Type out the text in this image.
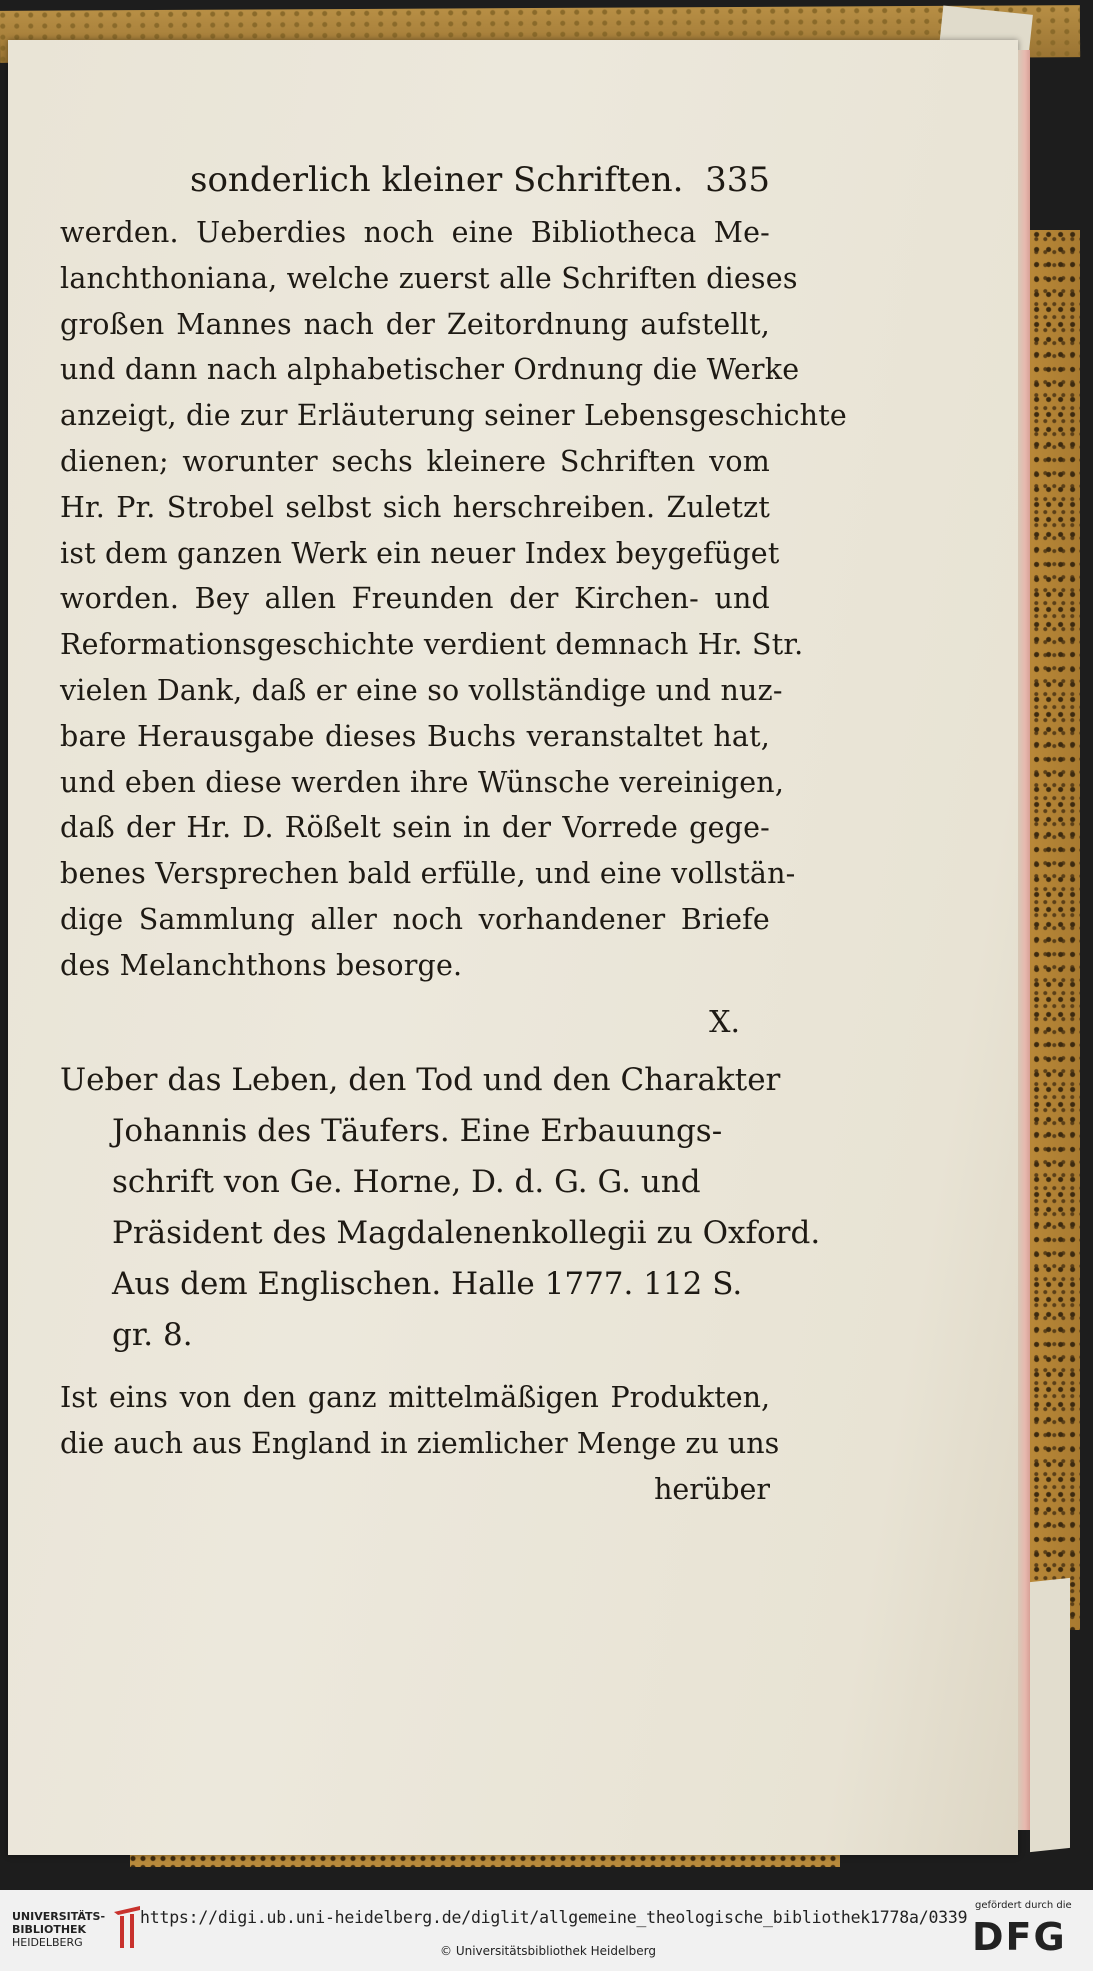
sonderlich kleiner Schriften. 335
werden. Ueberdies noch eine Bibliotheca Me-
lanchthoniana, welche zuerst alle Schriften dieses
großen Mannes nach der Zeitordnung aufstellt,
und dann nach alphabetischer Ordnung die Werke
anzeigt, die zur Erläuterung seiner Lebensgeschichte
dienen; worunter sechs kleinere Schriften vom
Hr. Pr. Strobel selbst sich herschreiben. Zuletzt
ist dem ganzen Werk ein neuer Index beygefüget
worden. Bey allen Freunden der Kirchen- und
Reformationsgeschichte verdient demnach Hr. Str.
vielen Dank, daß er eine so vollständige und nuz-
bare Herausgabe dieses Buchs veranstaltet hat,
und eben diese werden ihre Wünsche vereinigen,
daß der Hr. D. Rößelt sein in der Vorrede gege-
benes Versprechen bald erfülle, und eine vollstän-
dige Sammlung aller noch vorhandener Briefe
des Melanchthons besorge.
X.
Ueber das Leben, den Tod und den Charakter
Johannis des Täufers. Eine Erbauungs-
schrift von Ge. Horne, D. d. G. G. und
Präsident des Magdalenenkollegii zu Oxford.
Aus dem Englischen. Halle 1777. 112 S.
gr. 8.
Ist eins von den ganz mittelmäßigen Produkten,
die auch aus England in ziemlicher Menge zu uns
herüber
UNIVERSITÄTS-
BIBLIOTHEK
HEIDELBERG
https://digi.ub.uni-heidelberg.de/diglit/allgemeine_theologische_bibliothek1778a/0339
© Universitätsbibliothek Heidelberg
gefördert durch die
DFG
